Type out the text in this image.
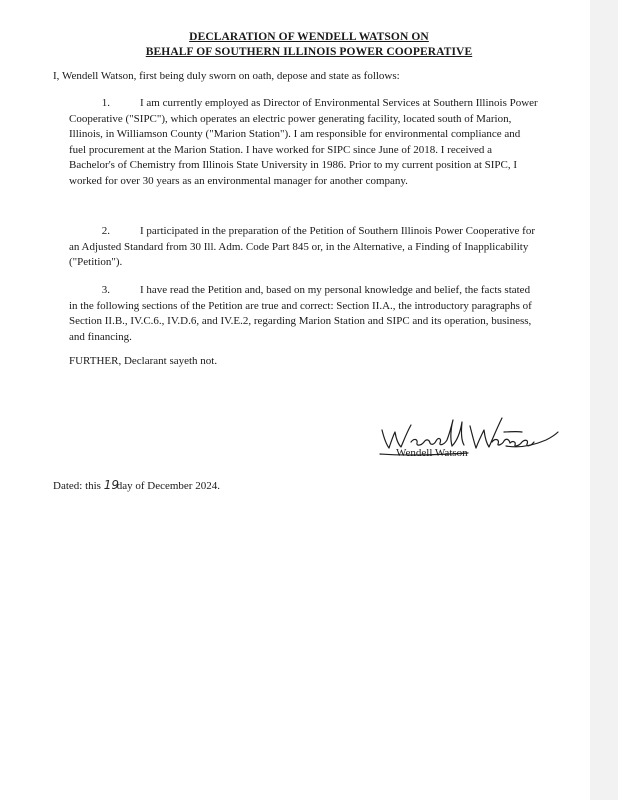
DECLARATION OF WENDELL WATSON ON
BEHALF OF SOUTHERN ILLINOIS POWER COOPERATIVE
I, Wendell Watson, first being duly sworn on oath, depose and state as follows:
1.	I am currently employed as Director of Environmental Services at Southern Illinois Power Cooperative ("SIPC"), which operates an electric power generating facility, located south of Marion, Illinois, in Williamson County ("Marion Station"). I am responsible for environmental compliance and fuel procurement at the Marion Station. I have worked for SIPC since June of 2018. I received a Bachelor's of Chemistry from Illinois State University in 1986. Prior to my current position at SIPC, I worked for over 30 years as an environmental manager for another company.
2.	I participated in the preparation of the Petition of Southern Illinois Power Cooperative for an Adjusted Standard from 30 Ill. Adm. Code Part 845 or, in the Alternative, a Finding of Inapplicability ("Petition").
3.	I have read the Petition and, based on my personal knowledge and belief, the facts stated in the following sections of the Petition are true and correct: Section II.A., the introductory paragraphs of Section II.B., IV.C.6., IV.D.6, and IV.E.2, regarding Marion Station and SIPC and its operation, business, and financing.
FURTHER, Declarant sayeth not.
Wendell Watson
Dated: this 19day of December 2024.
